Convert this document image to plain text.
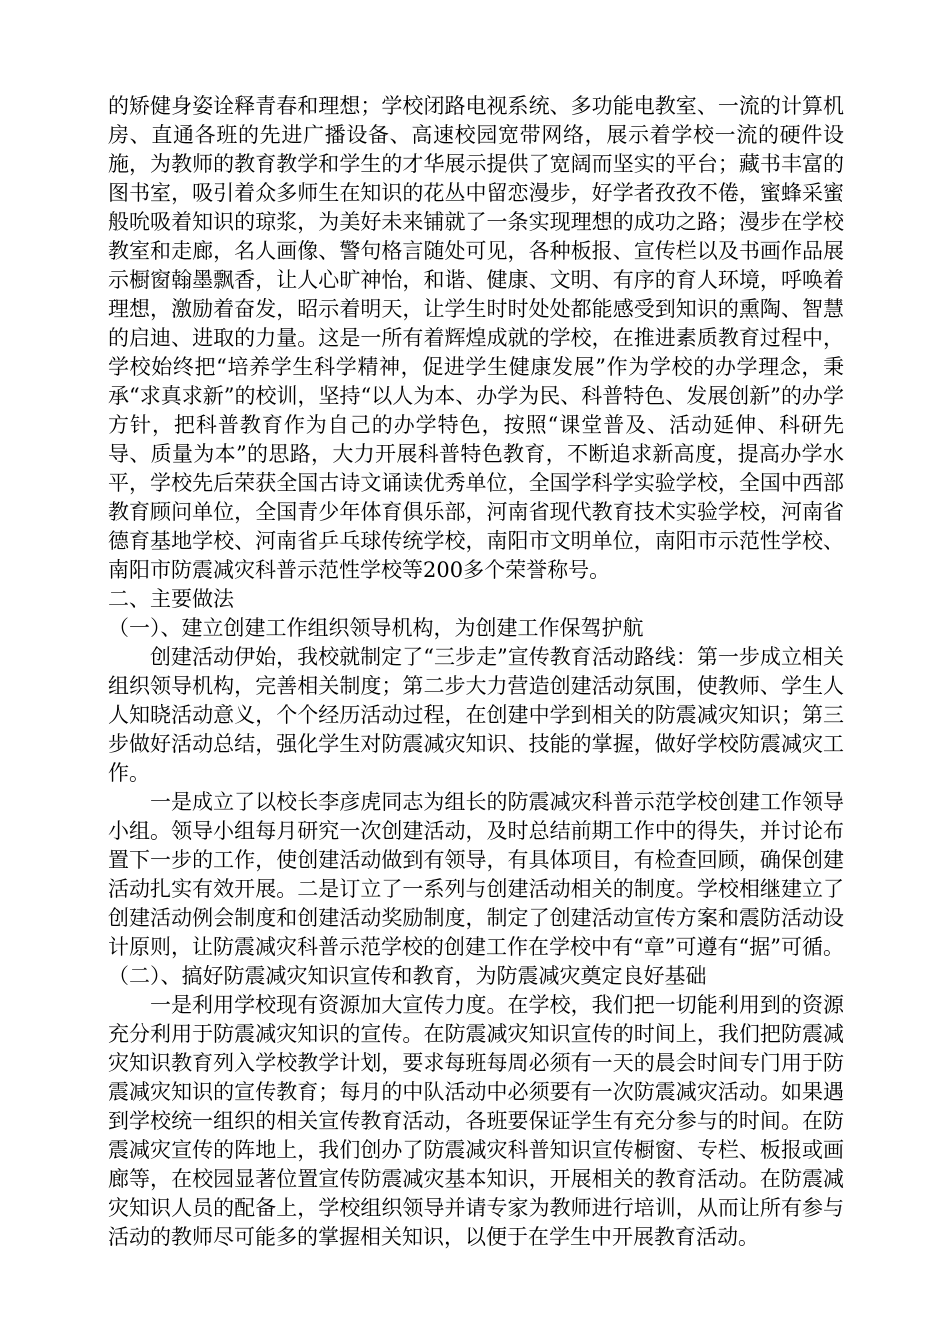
的矫健身姿诠释青春和理想；学校闭路电视系统、多功能电教室、一流的计算机房、直通各班的先进广播设备、高速校园宽带网络，展示着学校一流的硬件设施，为教师的教育教学和学生的才华展示提供了宽阔而坚实的平台；藏书丰富的图书室，吸引着众多师生在知识的花丛中留恋漫步，好学者孜孜不倦，蜜蜂采蜜般吮吸着知识的琼浆，为美好未来铺就了一条实现理想的成功之路；漫步在学校教室和走廊，名人画像、警句格言随处可见，各种板报、宣传栏以及书画作品展示橱窗翰墨飘香，让人心旷神怡，和谐、健康、文明、有序的育人环境，呼唤着理想，激励着奋发，昭示着明天，让学生时时处处都能感受到知识的熏陶、智慧的启迪、进取的力量。这是一所有着辉煌成就的学校，在推进素质教育过程中，学校始终把“培养学生科学精神，促进学生健康发展”作为学校的办学理念，秉承“求真求新”的校训，坚持“以人为本、办学为民、科普特色、发展创新”的办学方针，把科普教育作为自己的办学特色，按照“课堂普及、活动延伸、科研先导、质量为本”的思路，大力开展科普特色教育，不断追求新高度，提高办学水平，学校先后荣获全国古诗文诵读优秀单位，全国学科学实验学校，全国中西部教育顾问单位，全国青少年体育俱乐部，河南省现代教育技术实验学校，河南省德育基地学校、河南省乒乓球传统学校，南阳市文明单位，南阳市示范性学校、南阳市防震减灾科普示范性学校等200多个荣誉称号。

二、主要做法

（一）、建立创建工作组织领导机构，为创建工作保驾护航

创建活动伊始，我校就制定了“三步走”宣传教育活动路线：第一步成立相关组织领导机构，完善相关制度；第二步大力营造创建活动氛围，使教师、学生人人知晓活动意义，个个经历活动过程，在创建中学到相关的防震减灾知识；第三步做好活动总结，强化学生对防震减灾知识、技能的掌握，做好学校防震减灾工作。

一是成立了以校长李彦虎同志为组长的防震减灾科普示范学校创建工作领导小组。领导小组每月研究一次创建活动，及时总结前期工作中的得失，并讨论布置下一步的工作，使创建活动做到有领导，有具体项目，有检查回顾，确保创建活动扎实有效开展。二是订立了一系列与创建活动相关的制度。学校相继建立了创建活动例会制度和创建活动奖励制度，制定了创建活动宣传方案和震防活动设计原则，让防震减灾科普示范学校的创建工作在学校中有“章”可遵有“据”可循。

（二）、搞好防震减灾知识宣传和教育，为防震减灾奠定良好基础

一是利用学校现有资源加大宣传力度。在学校，我们把一切能利用到的资源充分利用于防震减灾知识的宣传。在防震减灾知识宣传的时间上，我们把防震减灾知识教育列入学校教学计划，要求每班每周必须有一天的晨会时间专门用于防震减灾知识的宣传教育；每月的中队活动中必须要有一次防震减灾活动。如果遇到学校统一组织的相关宣传教育活动，各班要保证学生有充分参与的时间。在防震减灾宣传的阵地上，我们创办了防震减灾科普知识宣传橱窗、专栏、板报或画廊等，在校园显著位置宣传防震减灾基本知识，开展相关的教育活动。在防震减灾知识人员的配备上，学校组织领导并请专家为教师进行培训，从而让所有参与活动的教师尽可能多的掌握相关知识，以便于在学生中开展教育活动。
